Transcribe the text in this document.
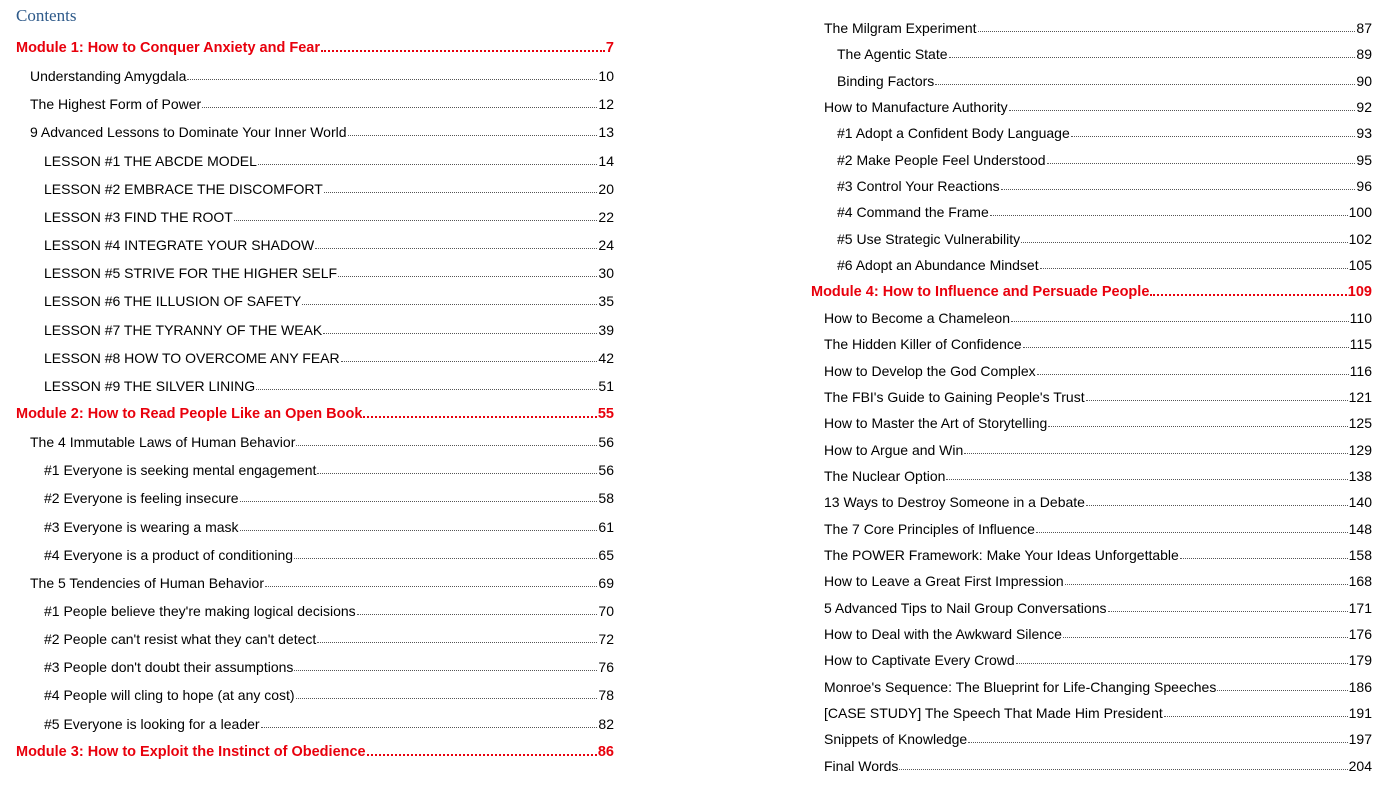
Contents
Module 1: How to Conquer Anxiety and Fear	7
Understanding Amygdala	10
The Highest Form of Power	12
9 Advanced Lessons to Dominate Your Inner World	13
LESSON #1 THE ABCDE MODEL	14
LESSON #2 EMBRACE THE DISCOMFORT	20
LESSON #3 FIND THE ROOT	22
LESSON #4 INTEGRATE YOUR SHADOW	24
LESSON #5 STRIVE FOR THE HIGHER SELF	30
LESSON #6 THE ILLUSION OF SAFETY	35
LESSON #7 THE TYRANNY OF THE WEAK	39
LESSON #8 HOW TO OVERCOME ANY FEAR	42
LESSON #9 THE SILVER LINING	51
Module 2: How to Read People Like an Open Book	55
The 4 Immutable Laws of Human Behavior	56
#1 Everyone is seeking mental engagement	56
#2 Everyone is feeling insecure	58
#3 Everyone is wearing a mask	61
#4 Everyone is a product of conditioning	65
The 5 Tendencies of Human Behavior	69
#1 People believe they're making logical decisions	70
#2 People can't resist what they can't detect	72
#3 People don't doubt their assumptions	76
#4 People will cling to hope (at any cost)	78
#5 Everyone is looking for a leader	82
Module 3: How to Exploit the Instinct of Obedience	86
The Milgram Experiment	87
The Agentic State	89
Binding Factors	90
How to Manufacture Authority	92
#1 Adopt a Confident Body Language	93
#2 Make People Feel Understood	95
#3 Control Your Reactions	96
#4 Command the Frame	100
#5 Use Strategic Vulnerability	102
#6 Adopt an Abundance Mindset	105
Module 4: How to Influence and Persuade People	109
How to Become a Chameleon	110
The Hidden Killer of Confidence	115
How to Develop the God Complex	116
The FBI's Guide to Gaining People's Trust	121
How to Master the Art of Storytelling	125
How to Argue and Win	129
The Nuclear Option	138
13 Ways to Destroy Someone in a Debate	140
The 7 Core Principles of Influence	148
The POWER Framework: Make Your Ideas Unforgettable	158
How to Leave a Great First Impression	168
5 Advanced Tips to Nail Group Conversations	171
How to Deal with the Awkward Silence	176
How to Captivate Every Crowd	179
Monroe's Sequence: The Blueprint for Life-Changing Speeches	186
[CASE STUDY] The Speech That Made Him President	191
Snippets of Knowledge	197
Final Words	204
